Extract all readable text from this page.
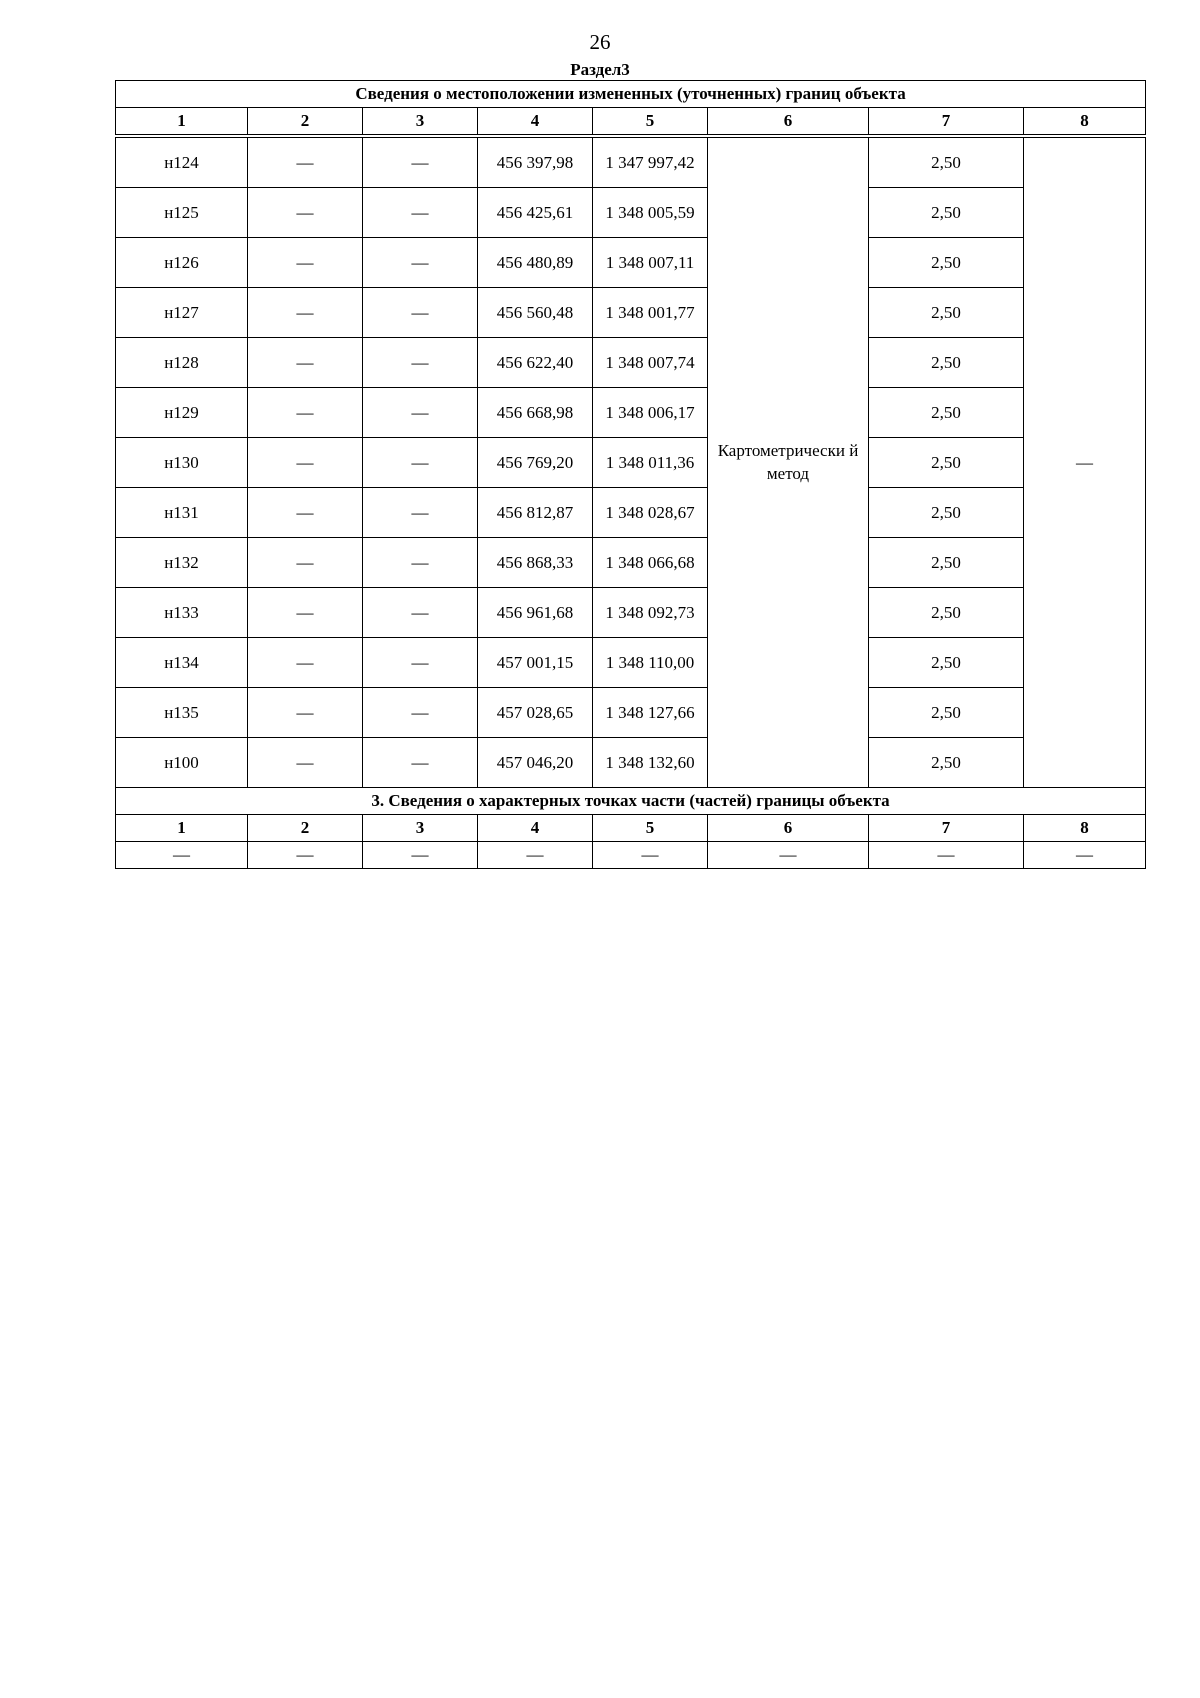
26
Раздел3
Сведения о местоположении измененных (уточненных) границ объекта							
1	2	3	4	5	6	7	8

н124	—	—	456 397,98	1 347 997,42	Картометрически й метод	2,50	—
н125	—	—	456 425,61	1 348 005,59		2,50	
н126	—	—	456 480,89	1 348 007,11		2,50	
н127	—	—	456 560,48	1 348 001,77		2,50	
н128	—	—	456 622,40	1 348 007,74		2,50	
н129	—	—	456 668,98	1 348 006,17		2,50	
н130	—	—	456 769,20	1 348 011,36		2,50	
н131	—	—	456 812,87	1 348 028,67		2,50	
н132	—	—	456 868,33	1 348 066,68		2,50	
н133	—	—	456 961,68	1 348 092,73		2,50	
н134	—	—	457 001,15	1 348 110,00		2,50	
н135	—	—	457 028,65	1 348 127,66		2,50	
н100	—	—	457 046,20	1 348 132,60		2,50	
3. Сведения о характерных точках части (частей) границы объекта							
1	2	3	4	5	6	7	8
—	—	—	—	—	—	—	—
